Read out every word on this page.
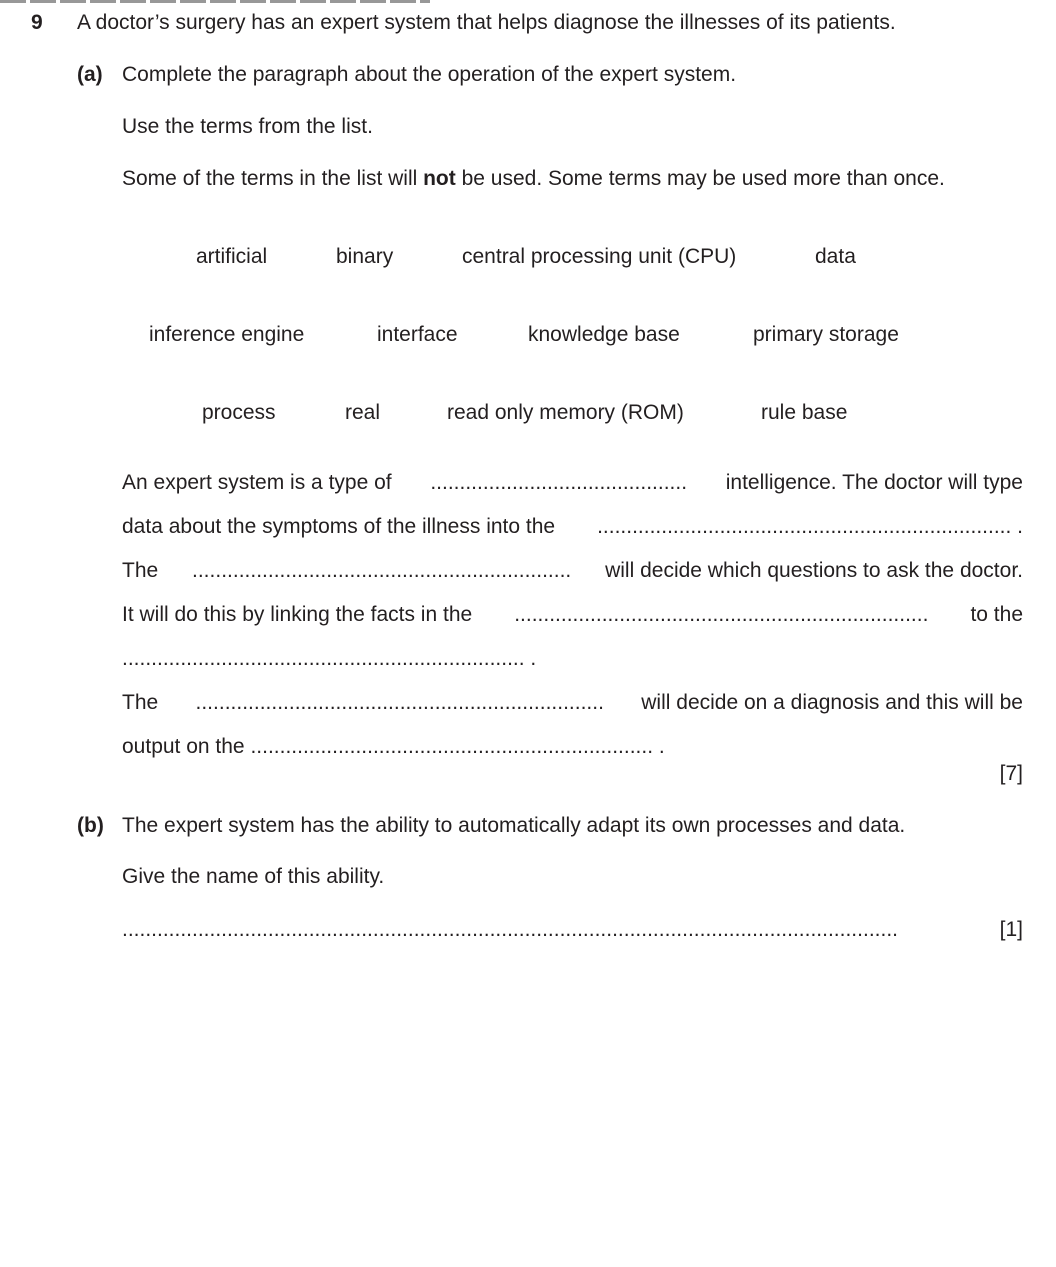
9 A doctor’s surgery has an expert system that helps diagnose the illnesses of its patients.
(a) Complete the paragraph about the operation of the expert system.
Use the terms from the list.
Some of the terms in the list will not be used. Some terms may be used more than once.
artificial	binary	central processing unit (CPU)	data
inference engine	interface	knowledge base	primary storage
process	real	read only memory (ROM)	rule base
An expert system is a type of ............................................ intelligence. The doctor will type
data about the symptoms of the illness into the ....................................................................... .
The ................................................................. will decide which questions to ask the doctor.
It will do this by linking the facts in the ....................................................................... to the
..................................................................... .
The ...................................................................... will decide on a diagnosis and this will be
output on the ..................................................................... .
[7]
(b) The expert system has the ability to automatically adapt its own processes and data.
Give the name of this ability.
.....................................................................................................................................	[1]
